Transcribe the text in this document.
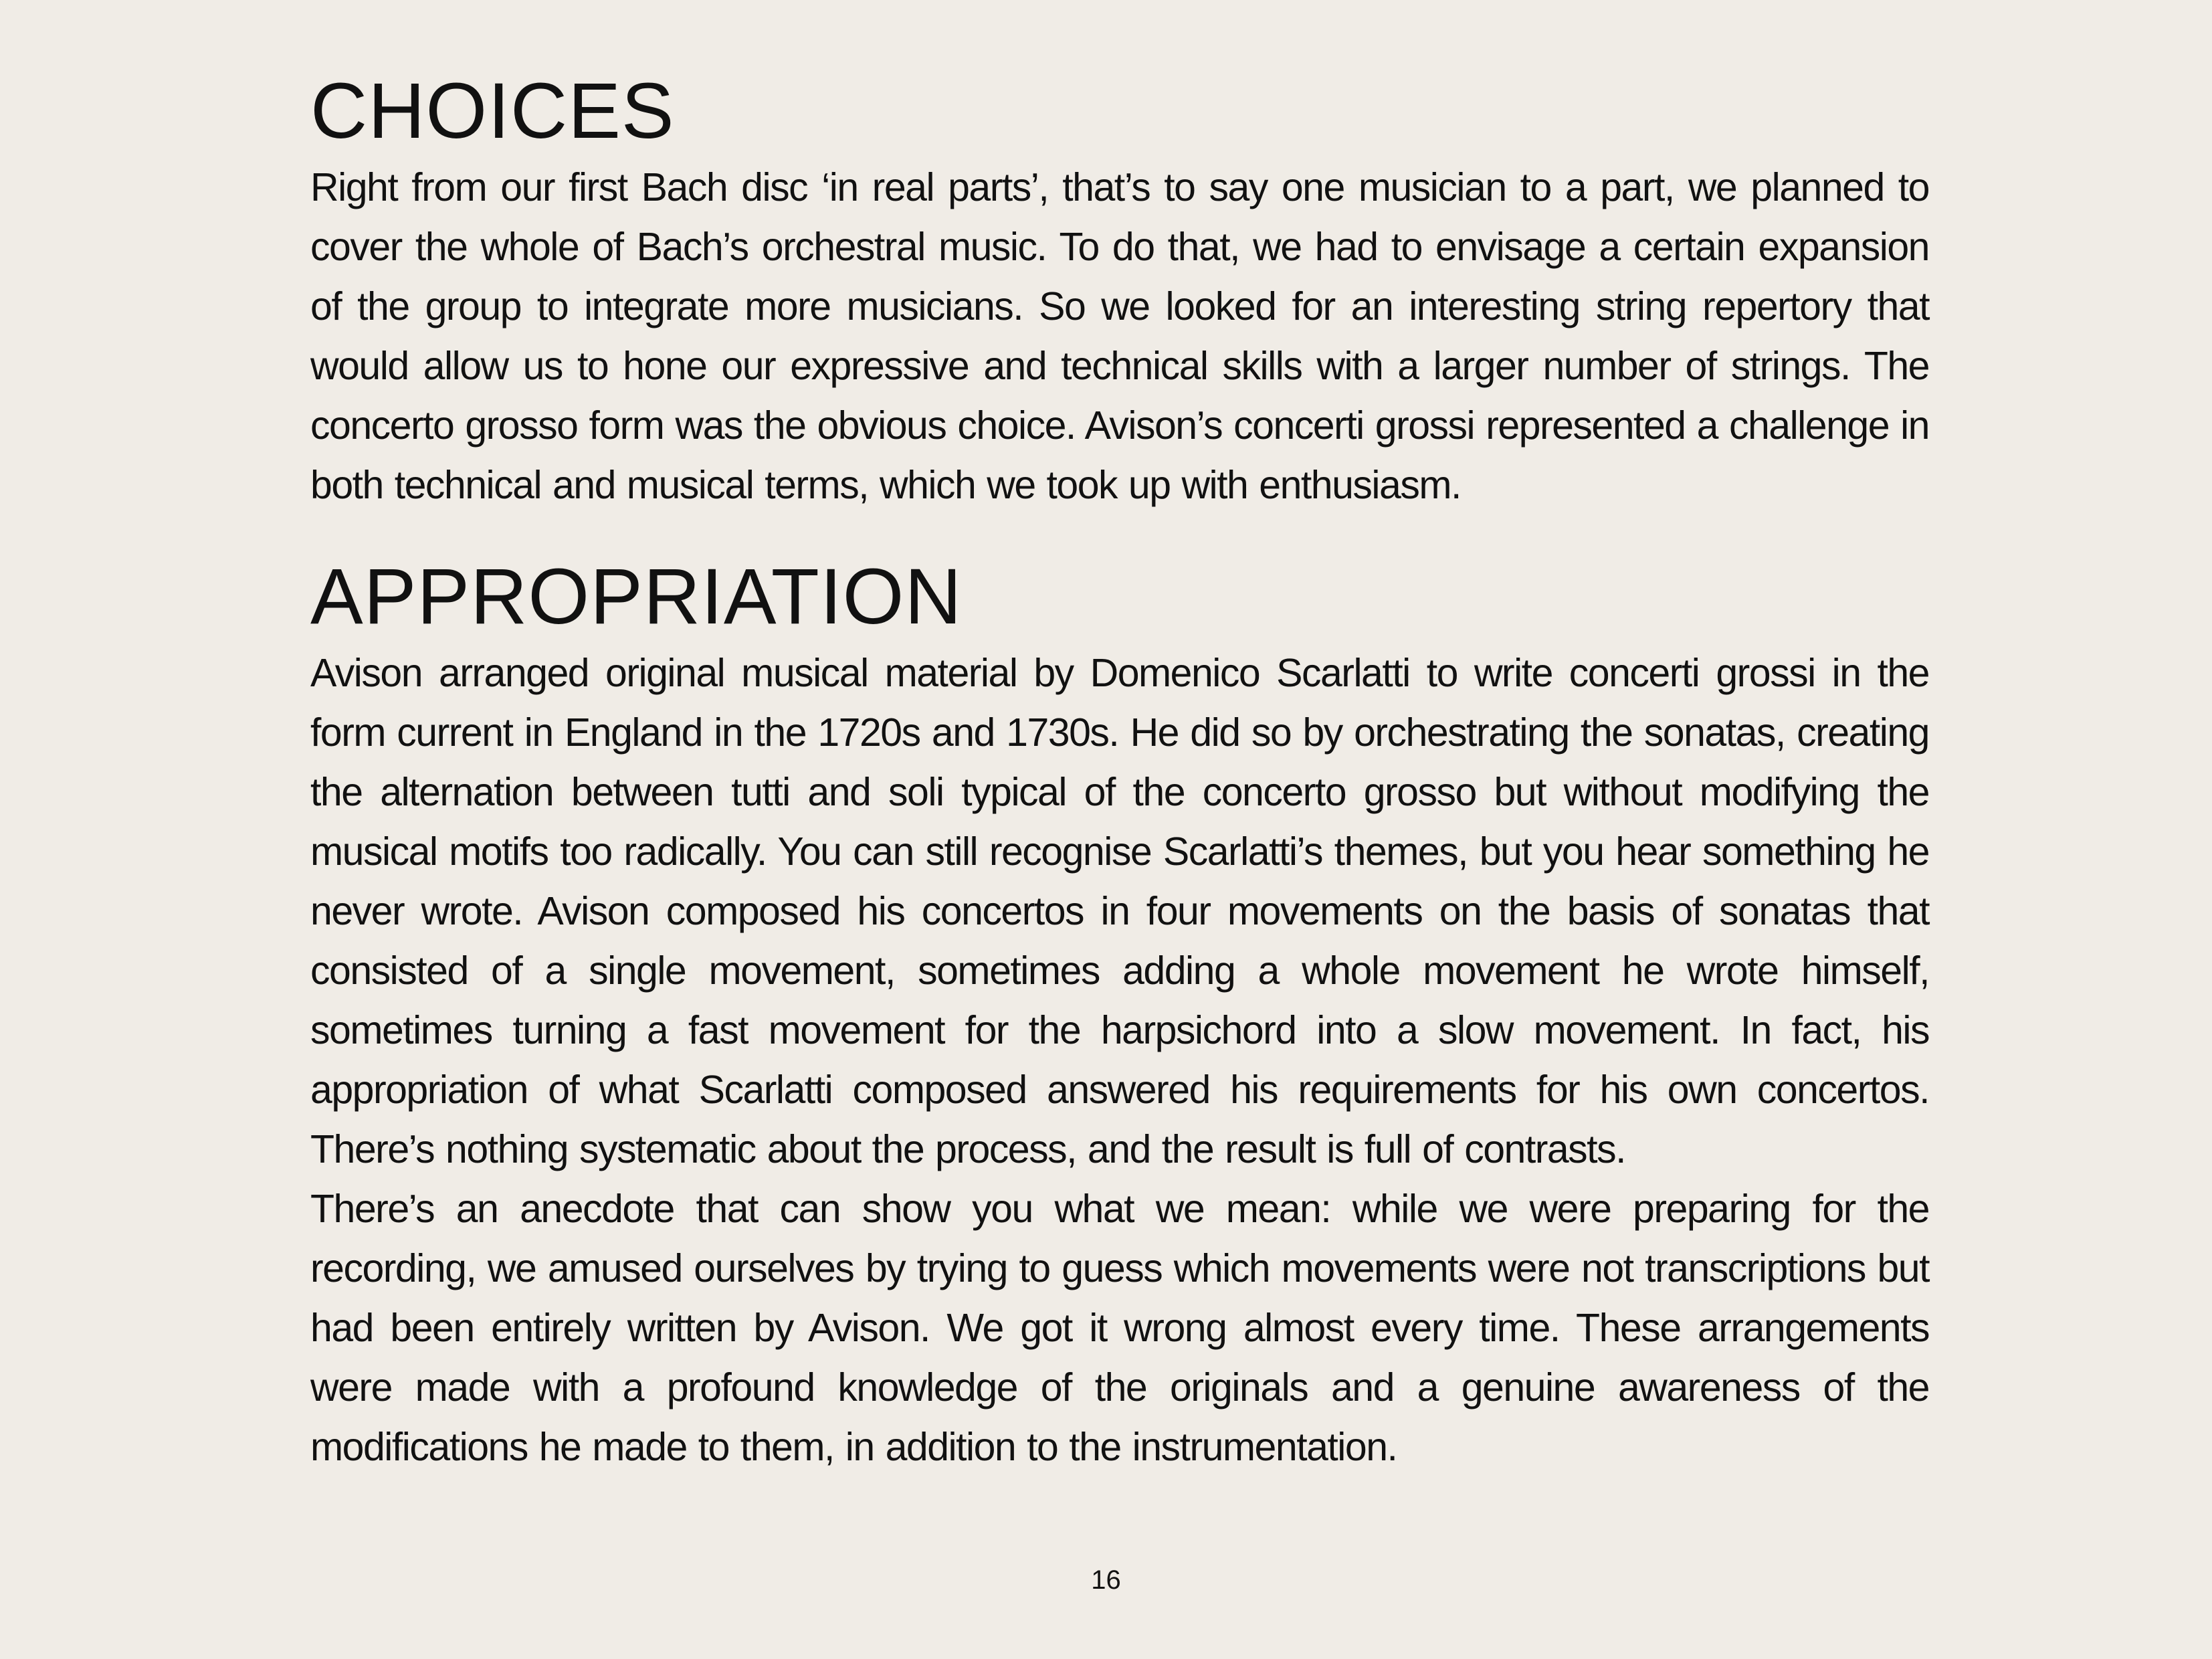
CHOICES

Right from our first Bach disc ‘in real parts’, that’s to say one musician to a part, we planned to cover the whole of Bach’s orchestral music. To do that, we had to envisage a certain expansion of the group to integrate more musicians. So we looked for an interesting string repertory that would allow us to hone our expressive and technical skills with a larger number of strings. The concerto grosso form was the obvious choice. Avison’s concerti grossi represented a challenge in both technical and musical terms, which we took up with enthusiasm.

APPROPRIATION

Avison arranged original musical material by Domenico Scarlatti to write concerti grossi in the form current in England in the 1720s and 1730s. He did so by orchestrating the sonatas, creating the alternation between tutti and soli typical of the concerto grosso but without modifying the musical motifs too radically. You can still recognise Scarlatti’s themes, but you hear something he never wrote. Avison composed his concertos in four movements on the basis of sonatas that consisted of a single movement, sometimes adding a whole movement he wrote himself, sometimes turning a fast movement for the harpsichord into a slow movement. In fact, his appropriation of what Scarlatti composed answered his requirements for his own concertos. There’s nothing systematic about the process, and the result is full of contrasts.

There’s an anecdote that can show you what we mean: while we were preparing for the recording, we amused ourselves by trying to guess which movements were not transcriptions but had been entirely written by Avison. We got it wrong almost every time. These arrangements were made with a profound knowledge of the originals and a genuine awareness of the modifications he made to them, in addition to the instrumentation.

16
